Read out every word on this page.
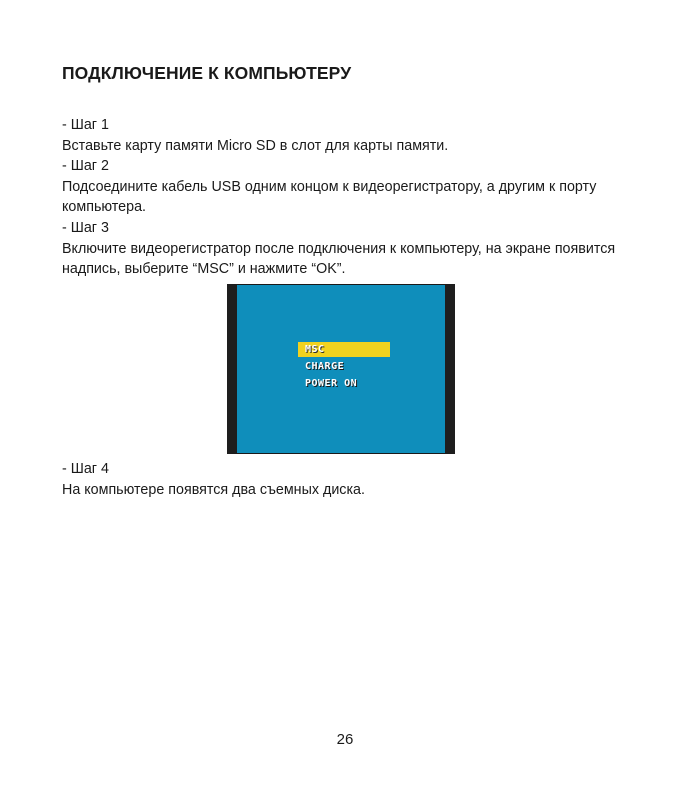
ПОДКЛЮЧЕНИЕ К КОМПЬЮТЕРУ

- Шаг 1

Вставьте карту памяти Micro SD в слот для карты памяти.

- Шаг 2

Подсоедините кабель USB одним концом к видеорегистратору, а другим к порту

компьютера.

- Шаг 3

Включите видеорегистратор после подключения к компьютеру, на экране появится

надпись, выберите “MSC” и нажмите “OK”.

MSC
CHARGE
POWER ON

- Шаг 4

На компьютере появятся два съемных диска.

26
